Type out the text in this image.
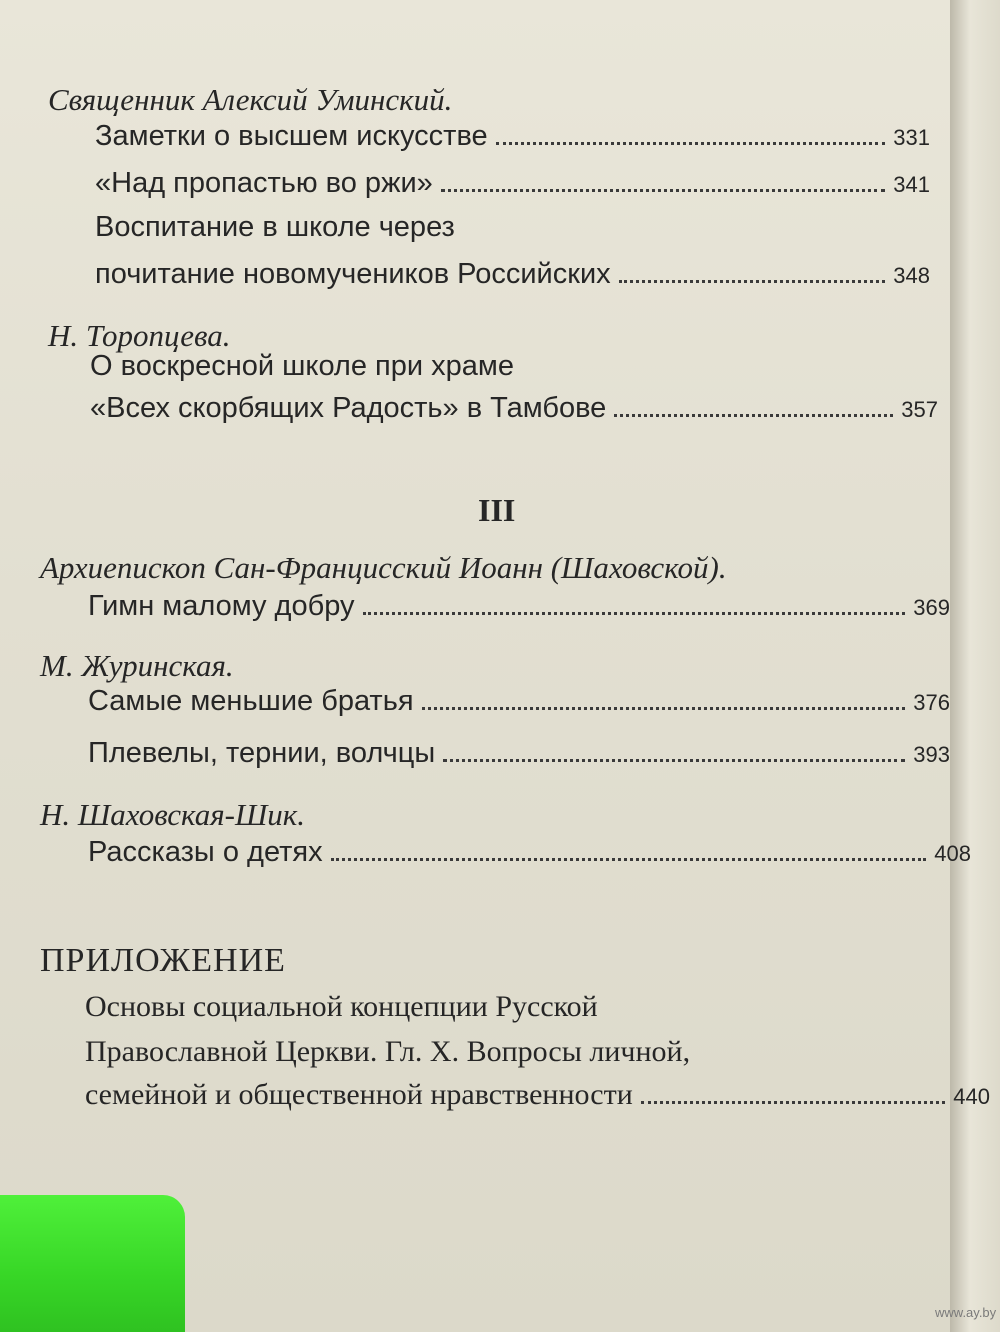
Священник Алексий Уминский.
Заметки о высшем искусстве	331
«Над пропастью во ржи»	341
Воспитание в школе через
почитание новомучеников Российских	348
Н. Торопцева.
О воскресной школе при храме
«Всех скорбящих Радость» в Тамбове	357
III
Архиепископ Сан-Францисский Иоанн (Шаховской).
Гимн малому добру	369
М. Журинская.
Самые меньшие братья	376
Плевелы, тернии, волчцы	393
Н. Шаховская-Шик.
Рассказы о детях	408
ПРИЛОЖЕНИЕ
Основы социальной концепции Русской
Православной Церкви. Гл. X. Вопросы личной,
семейной и общественной нравственности	440
www.ay.by
